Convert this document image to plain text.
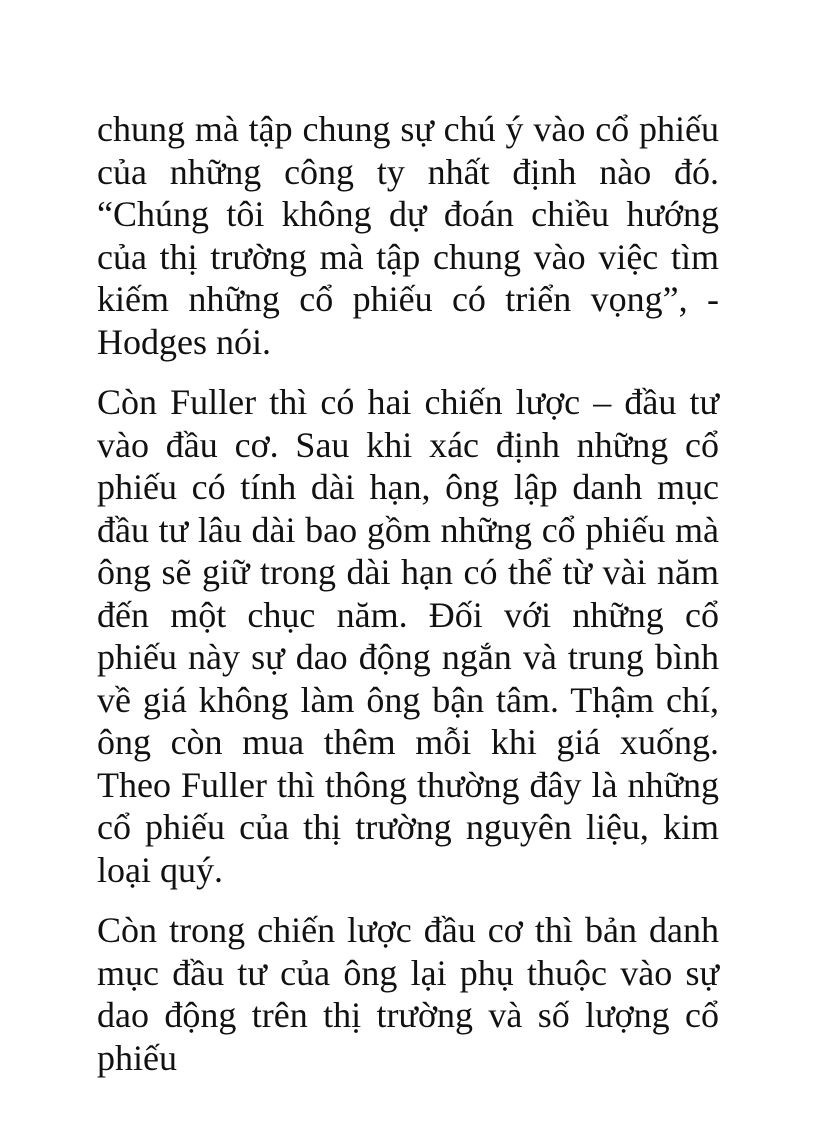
chung mà tập chung sự chú ý vào cổ phiếu của những công ty nhất định nào đó. “Chúng tôi không dự đoán chiều hướng của thị trường mà tập chung vào việc tìm kiếm những cổ phiếu có triển vọng”, - Hodges nói.

Còn Fuller thì có hai chiến lược – đầu tư vào đầu cơ. Sau khi xác định những cổ phiếu có tính dài hạn, ông lập danh mục đầu tư lâu dài bao gồm những cổ phiếu mà ông sẽ giữ trong dài hạn có thể từ vài năm đến một chục năm. Đối với những cổ phiếu này sự dao động ngắn và trung bình về giá không làm ông bận tâm. Thậm chí, ông còn mua thêm mỗi khi giá xuống. Theo Fuller thì thông thường đây là những cổ phiếu của thị trường nguyên liệu, kim loại quý.

Còn trong chiến lược đầu cơ thì bản danh mục đầu tư của ông lại phụ thuộc vào sự dao động trên thị trường và số lượng cổ phiếu
